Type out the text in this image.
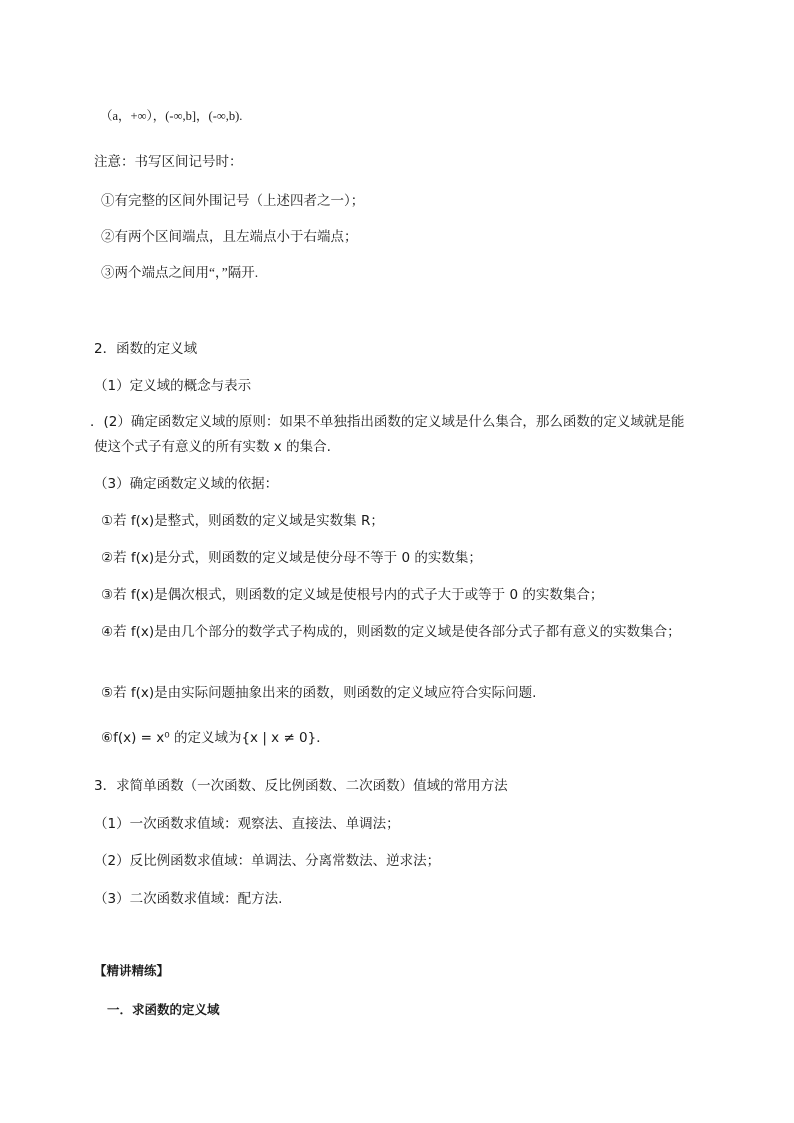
（a，+∞），(-∞,b]，(-∞,b).
注意：书写区间记号时：
①有完整的区间外围记号（上述四者之一）；
②有两个区间端点，且左端点小于右端点；
③两个端点之间用“，”隔开.
2．函数的定义域
（1）定义域的概念与表示
．(2）确定函数定义域的原则：如果不单独指出函数的定义域是什么集合，那么函数的定义域就是能
使这个式子有意义的所有实数 x 的集合.
（3）确定函数定义域的依据：
①若 f(x)是整式，则函数的定义域是实数集 R；
②若 f(x)是分式，则函数的定义域是使分母不等于 0 的实数集；
③若 f(x)是偶次根式，则函数的定义域是使根号内的式子大于或等于 0 的实数集合；
④若 f(x)是由几个部分的数学式子构成的，则函数的定义域是使各部分式子都有意义的实数集合；
⑤若 f(x)是由实际问题抽象出来的函数，则函数的定义域应符合实际问题.
⑥f(x) = x⁰ 的定义域为{x | x ≠ 0}．
3．求简单函数（一次函数、反比例函数、二次函数）值域的常用方法
（1）一次函数求值域：观察法、直接法、单调法；
（2）反比例函数求值域：单调法、分离常数法、逆求法；
（3）二次函数求值域：配方法.
【精讲精练】
一．求函数的定义域
